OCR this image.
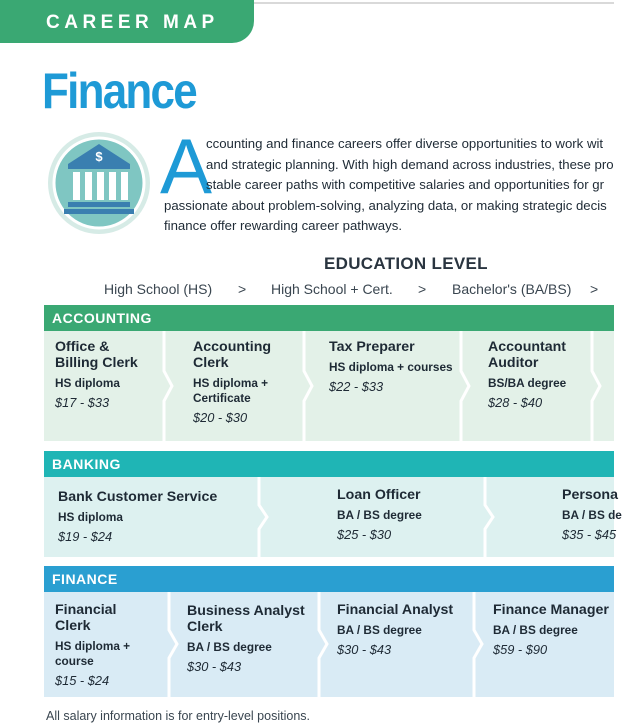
CAREER MAP
Finance
$ A
ccounting and finance careers offer diverse opportunities to work wit
and strategic planning. With high demand across industries, these pro
stable career paths with competitive salaries and opportunities for gr
passionate about problem-solving, analyzing data, or making strategic decis
finance offer rewarding career pathways.
EDUCATION LEVEL
High School (HS) > High School + Cert. > Bachelor's (BA/BS) >
ACCOUNTING
Office &
Billing Clerk
HS diploma
$17 - $33
Accounting
Clerk
HS diploma +
Certificate
$20 - $30
Tax Preparer
HS diploma + courses
$22 - $33
Accountant
Auditor
BS/BA degree
$28 - $40
BANKING
Bank Customer Service
HS diploma
$19 - $24
Loan Officer
BA / BS degree
$25 - $30
Persona
BA / BS de
$35 - $45
FINANCE
Financial
Clerk
HS diploma +
course
$15 - $24
Business Analyst
Clerk
BA / BS degree
$30 - $43
Financial Analyst
BA / BS degree
$30 - $43
Finance Manager
BA / BS degree
$59 - $90
All salary information is for entry-level positions.
